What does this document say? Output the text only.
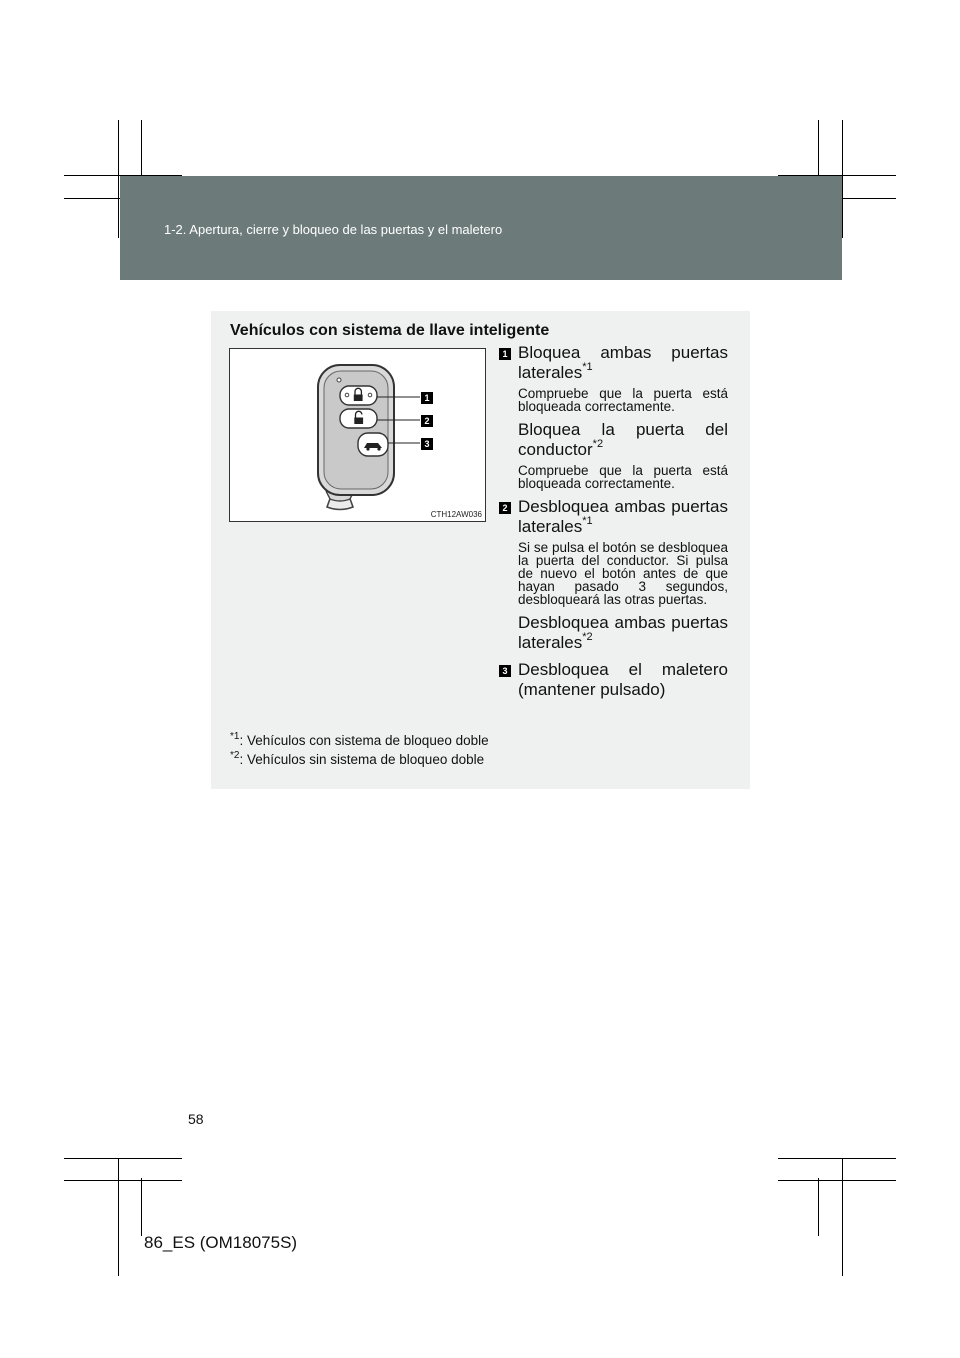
1-2. Apertura, cierre y bloqueo de las puertas y el maletero
Vehículos con sistema de llave inteligente
1
2
3
CTH12AW036
1 Bloquea ambas puertas laterales$^{*1}$
Compruebe que la puerta está bloqueada correctamente.
Bloquea la puerta del conductor$^{*2}$
Compruebe que la puerta está bloqueada correctamente.
2 Desbloquea ambas puertas laterales$^{*1}$
Si se pulsa el botón se desbloquea la puerta del conductor. Si pulsa de nuevo el botón antes de que hayan pasado 3 segundos, desbloqueará las otras puertas.
Desbloquea ambas puertas laterales$^{*2}$
3 Desbloquea el maletero (mantener pulsado)
$^{*1}$: Vehículos con sistema de bloqueo doble
$^{*2}$: Vehículos sin sistema de bloqueo doble
58
86_ES (OM18075S)
